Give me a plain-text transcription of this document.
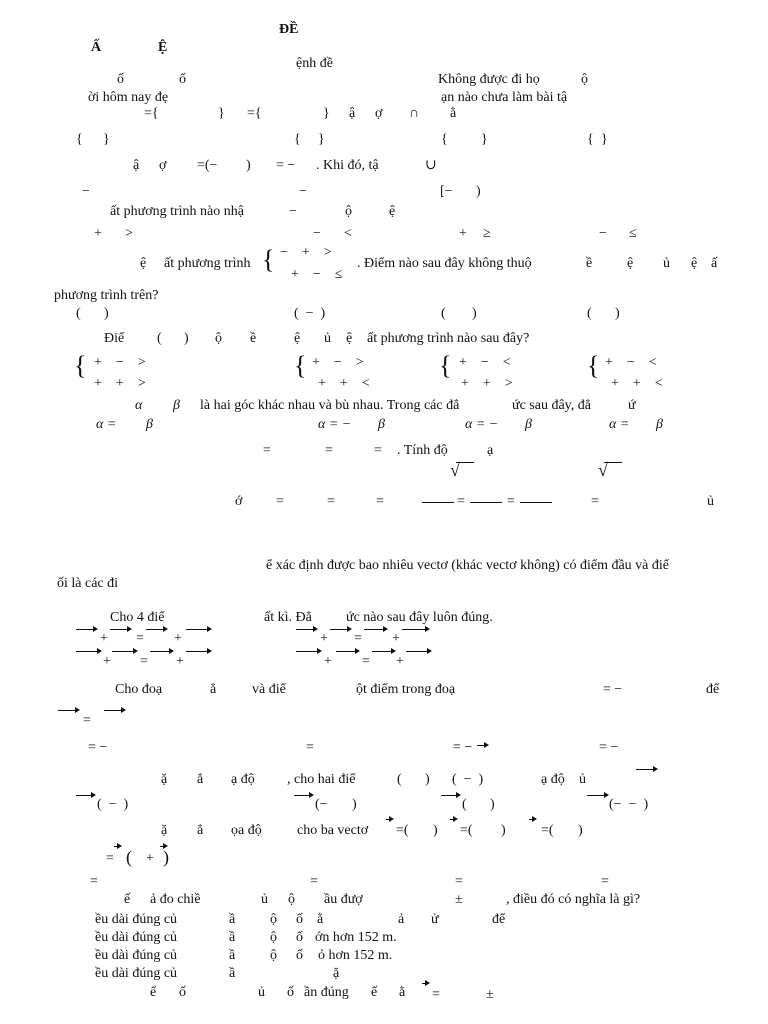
ĐỀ
Ấ	Ệ
ệnh đề
ố	ố	Không được đi họ	ộ
ời hôm nay đẹ	ạn nào chưa làm bài tậ
={	} ={	} ậ ợ ∩ ằ
{ }	{ }	{ }	{ }
ậ ợ =(− ) = − . Khi đó, tậ	∪
−	−	[− )
ất phương trình nào nhậ	−	ộ	ệ
+ >	− <	+ ≥	− ≤
ệ ất phương trình { −    +    >
+    −    ≤
. Điểm nào sau đây không thuộ	ề ệ ủ ệ ấ
phương trình trên?
( )	(  −  )	( )	( )
Điể ( ) ộ ề	ệ ủ ệ ất phương trình nào sau đây?
{ +    −    >
+    +    >
{ +    −    >
+    +    <
{ +    −    <
+    +    >
{ +    −    <
+    +    <
α β là hai góc khác nhau và bù nhau. Trong các đẳ	ức sau đây, đẳ	ứ
α = β	α = − β	α = − β	α = β
=	=	= . Tính độ	ạ
√
√
ớ =	=	=	=	=	=	ủ
ể xác định được bao nhiêu vectơ (khác vectơ không) có điểm đầu và điể
ối là các đi
Cho 4 điể	ất kì. Đẳ ức nào sau đây luôn đúng.
+ = +	+ = +
+ = +	+ = +
Cho đoạ	ẳ	và điể	ột điểm trong đoạ	= −	để
=
= −	=	= −	= −
ặ ẳ ạ độ , cho hai điể	( ) (  −  )	ạ độ ủ
(  −  )	(− )	( )	(−  −  )
ặ ẳ ọa độ	cho ba vectơ =( ) =( )	=( )
= ( + )
=	=	=	=
ế ả đo chiề	ủ ộ ầu đượ	±	, điều đó có nghĩa là gì?
ều dài đúng củ	ầ ộ ố ằ	ả ử	để
ều dài đúng củ	ầ ộ ố ớn hơn 152 m.
ều dài đúng củ	ầ ộ ố ỏ hơn 152 m.
ều dài đúng củ	ầ	ặ
ế ố	ủ ố ần đúng ế ằ =	±
